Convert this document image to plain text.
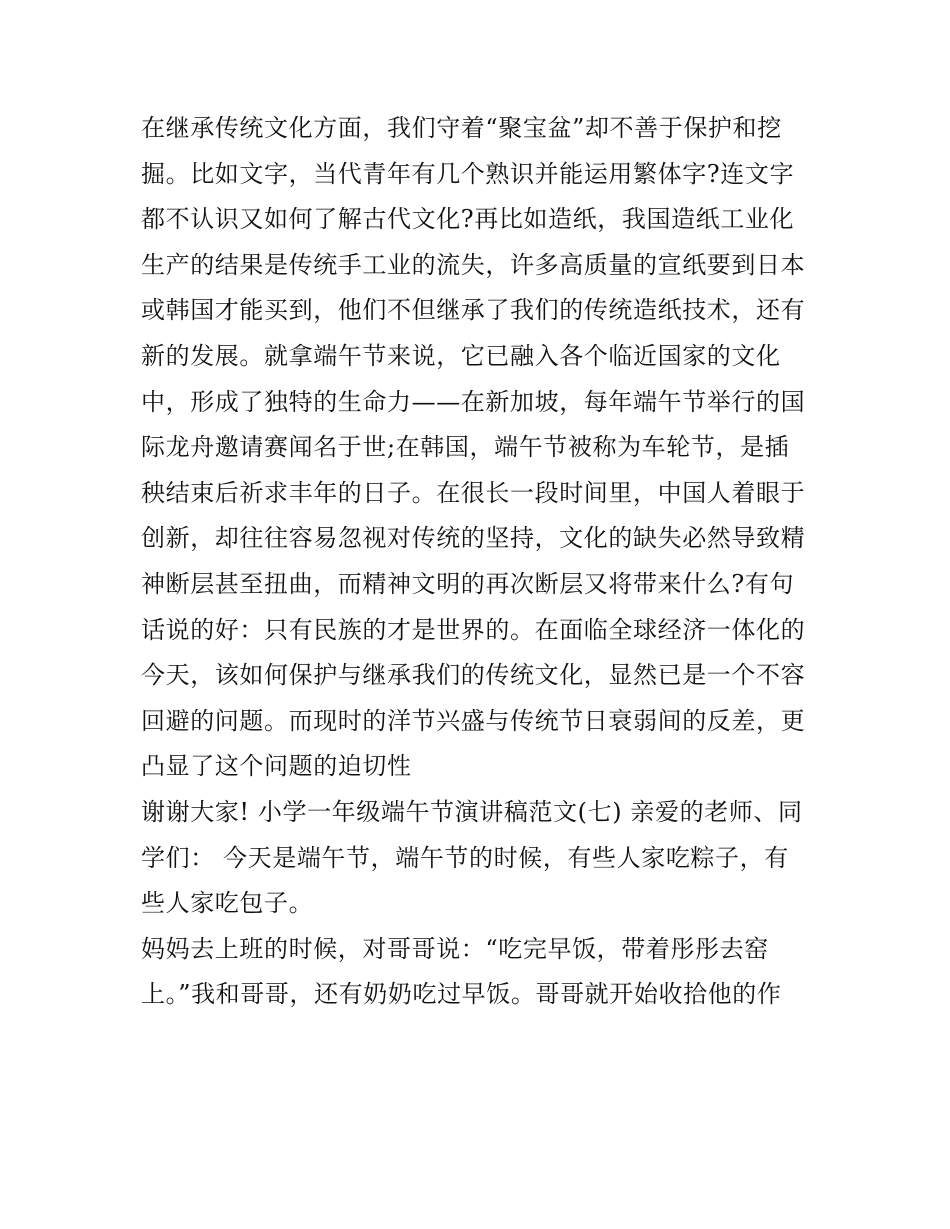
在继承传统文化方面，我们守着“聚宝盆”却不善于保护和挖
掘。比如文字，当代青年有几个熟识并能运用繁体字?连文字
都不认识又如何了解古代文化?再比如造纸，我国造纸工业化
生产的结果是传统手工业的流失，许多高质量的宣纸要到日本
或韩国才能买到，他们不但继承了我们的传统造纸技术，还有
新的发展。就拿端午节来说，它已融入各个临近国家的文化
中，形成了独特的生命力——在新加坡，每年端午节举行的国
际龙舟邀请赛闻名于世;在韩国，端午节被称为车轮节，是插
秧结束后祈求丰年的日子。在很长一段时间里，中国人着眼于
创新，却往往容易忽视对传统的坚持，文化的缺失必然导致精
神断层甚至扭曲，而精神文明的再次断层又将带来什么?有句
话说的好：只有民族的才是世界的。在面临全球经济一体化的
今天，该如何保护与继承我们的传统文化，显然已是一个不容
回避的问题。而现时的洋节兴盛与传统节日衰弱间的反差，更
凸显了这个问题的迫切性
谢谢大家! 小学一年级端午节演讲稿范文(七) 亲爱的老师、同
学们： 今天是端午节，端午节的时候，有些人家吃粽子，有
些人家吃包子。
妈妈去上班的时候，对哥哥说：“吃完早饭，带着彤彤去窑
上。”我和哥哥，还有奶奶吃过早饭。哥哥就开始收拾他的作
